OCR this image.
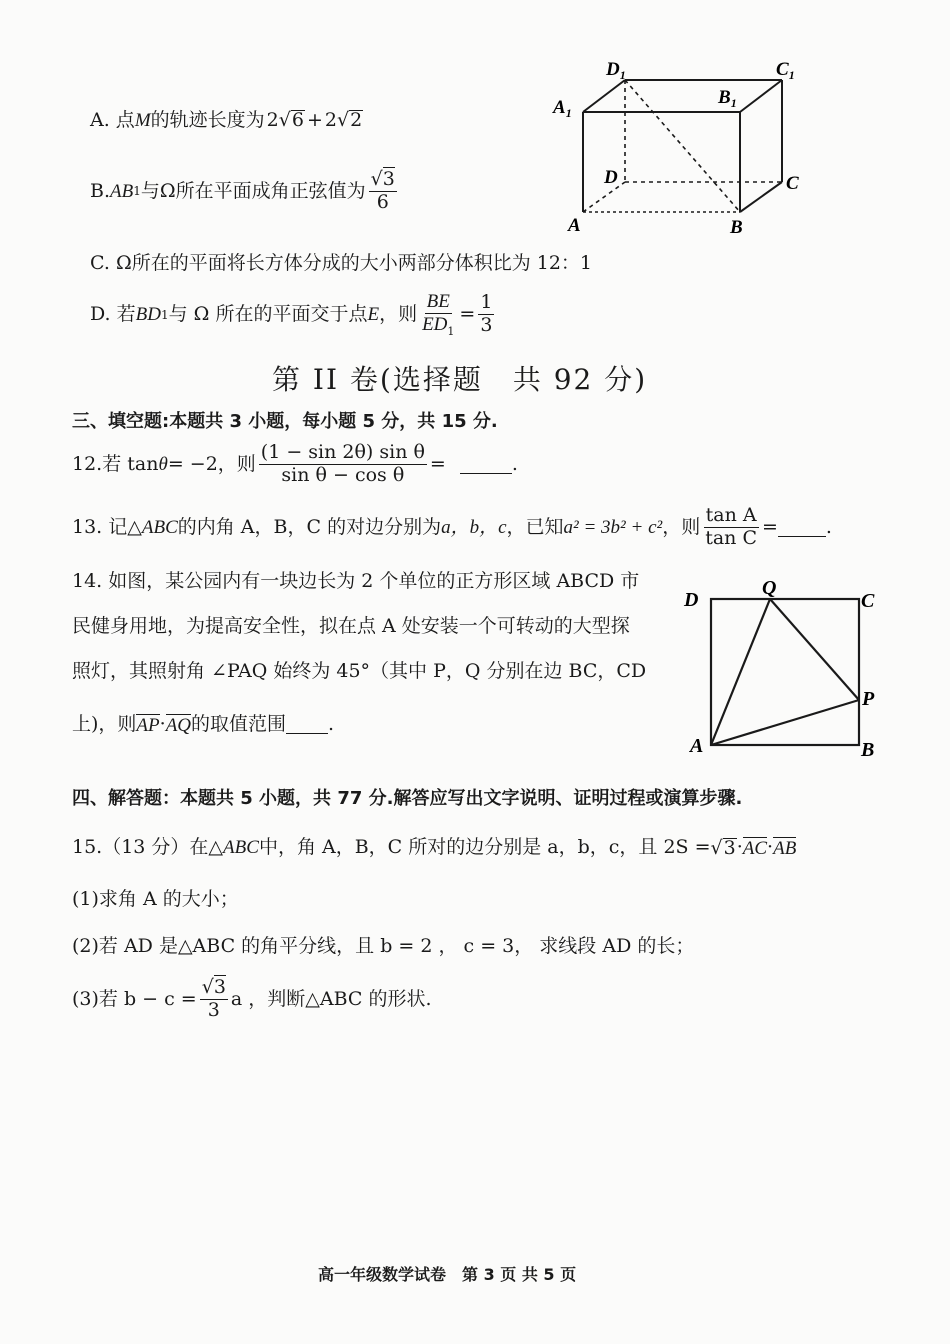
A. 点 M 的轨迹长度为 2 √ 6 + 2 √ 2
B. AB 1 与Ω所在平面成角正弦值为 $\frac{√3}{6}$
C. Ω所在的平面将长方体分成的大小两部分体积比为 12：1
D. 若 BD 1 与 Ω 所在的平面交于点 E ，则 $\frac{BE}{ED_1} = \frac{1}{3}$
$A_1$
$B_1$
$D_1$	$C_1$
D	C
A	B
第 II 卷(选择题　共 92 分)
三、填空题:本题共 3 小题，每小题 5 分，共 15 分.
12.若 tan θ = −2，则 $\frac{\text{(1 − sin 2θ) sin θ}}{\text{sin θ − cos θ}}$ =	.
13. 记△ ABC 的内角 A，B，C 的对边分别为 a，b，c ，已知 a² = 3b² + c² ，则 $\frac{\text{tan A}}{\text{tan C}}$ =	.
14. 如图，某公园内有一块边长为 2 个单位的正方形区域 ABCD 市
民健身用地，为提高安全性，拟在点 A 处安装一个可转动的大型探
照灯，其照射角 ∠PAQ 始终为 45°（其中 P，Q 分别在边 BC，CD
上)，则 AP · AQ 的取值范围 .
D
Q
C
P
A	B
四、解答题：本题共 5 小题，共 77 分.解答应写出文字说明、证明过程或演算步骤.
15.（13 分）在△ ABC 中，角 A，B，C 所对的边分别是 a，b，c，且 2S = √ 3 · AC · AB
(1)求角 A 的大小；
(2)若 AD 是△ABC 的角平分线，且 b = 2 ， c = 3， 求线段 AD 的长；
(3)若 $b - c = \frac{√3}{3}$ a ，判断△ABC 的形状.
高一年级数学试卷　第 3 页 共 5 页
